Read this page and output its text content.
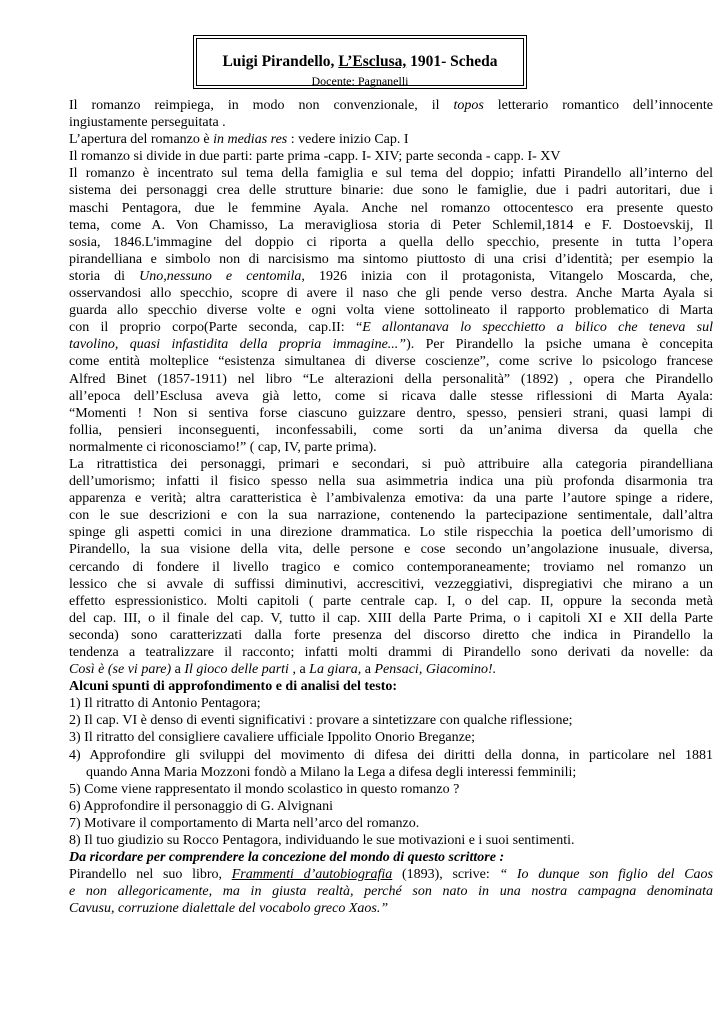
Luigi Pirandello, L’Esclusa, 1901- Scheda
Docente: Pagnanelli

Il romanzo reimpiega, in modo non convenzionale, il topos letterario romantico dell’innocente

ingiustamente perseguitata .

L’apertura del romanzo è in medias res : vedere inizio Cap. I

Il romanzo si divide in due parti: parte prima -capp. I- XIV; parte seconda - capp. I- XV

Il romanzo è incentrato sul tema della famiglia e sul tema del doppio; infatti Pirandello all’interno del

sistema dei personaggi crea delle strutture binarie: due sono le famiglie, due i padri autoritari, due i

maschi Pentagora, due le femmine Ayala. Anche nel romanzo ottocentesco era presente questo

tema, come A. Von Chamisso, La meravigliosa storia di Peter Schlemil,1814 e F. Dostoevskij, Il

sosia, 1846.L'immagine del doppio ci riporta a quella dello specchio, presente in tutta l’opera

pirandelliana e simbolo non di narcisismo ma sintomo piuttosto di una crisi d’identità; per esempio la

storia di Uno,nessuno e centomila, 1926 inizia con il protagonista, Vitangelo Moscarda, che,

osservandosi allo specchio, scopre di avere il naso che gli pende verso destra. Anche Marta Ayala si

guarda allo specchio diverse volte e ogni volta viene sottolineato il rapporto problematico di Marta

con il proprio corpo(Parte seconda, cap.II: “E allontanava lo specchietto a bilico che teneva sul

tavolino, quasi infastidita della propria immagine...”). Per Pirandello la psiche umana è concepita

come entità molteplice “esistenza simultanea di diverse coscienze”, come scrive lo psicologo francese

Alfred Binet (1857-1911) nel libro “Le alterazioni della personalità” (1892) , opera che Pirandello

all’epoca dell’Esclusa aveva già letto, come si ricava dalle stesse riflessioni di Marta Ayala:

“Momenti ! Non si sentiva forse ciascuno guizzare dentro, spesso, pensieri strani, quasi lampi di

follia, pensieri inconseguenti, inconfessabili, come sorti da un’anima diversa da quella che

normalmente ci riconosciamo!” ( cap, IV, parte prima).

La ritrattistica dei personaggi, primari e secondari, si può attribuire alla categoria pirandelliana

dell’umorismo; infatti il fisico spesso nella sua asimmetria indica una più profonda disarmonia tra

apparenza e verità; altra caratteristica è l’ambivalenza emotiva: da una parte l’autore spinge a ridere,

con le sue descrizioni e con la sua narrazione, contenendo la partecipazione sentimentale, dall’altra

spinge gli aspetti comici in una direzione drammatica. Lo stile rispecchia la poetica dell’umorismo di

Pirandello, la sua visione della vita, delle persone e cose secondo un’angolazione inusuale, diversa,

cercando di fondere il livello tragico e comico contemporaneamente; troviamo nel romanzo un

lessico che si avvale di suffissi diminutivi, accrescitivi, vezzeggiativi, dispregiativi che mirano a un

effetto espressionistico. Molti capitoli ( parte centrale cap. I, o del cap. II, oppure la seconda metà

del cap. III, o il finale del cap. V, tutto il cap. XIII della Parte Prima, o i capitoli XI e XII della Parte

seconda) sono caratterizzati dalla forte presenza del discorso diretto che indica in Pirandello la

tendenza a teatralizzare il racconto; infatti molti drammi di Pirandello sono derivati da novelle: da

Così è (se vi pare) a Il gioco delle parti , a La giara, a Pensaci, Giacomino!.

Alcuni spunti di approfondimento e di analisi del testo:

1) Il ritratto di Antonio Pentagora;

2) Il cap. VI è denso di eventi significativi : provare a sintetizzare con qualche riflessione;

3) Il ritratto del consigliere cavaliere ufficiale Ippolito Onorio Breganze;

4) Approfondire gli sviluppi del movimento di difesa dei diritti della donna, in particolare nel 1881

quando Anna Maria Mozzoni fondò a Milano la Lega a difesa degli interessi femminili;

5) Come viene rappresentato il mondo scolastico in questo romanzo ?

6) Approfondire il personaggio di G. Alvignani

7) Motivare il comportamento di Marta nell’arco del romanzo.

8) Il tuo giudizio su Rocco Pentagora, individuando le sue motivazioni e i suoi sentimenti.

Da ricordare per comprendere la concezione del mondo di questo scrittore :

Pirandello nel suo libro, Frammenti d’autobiografia (1893), scrive: “ Io dunque son figlio del Caos

e non allegoricamente, ma in giusta realtà, perché son nato in una nostra campagna denominata

Cavusu, corruzione dialettale del vocabolo greco Xaos.”
